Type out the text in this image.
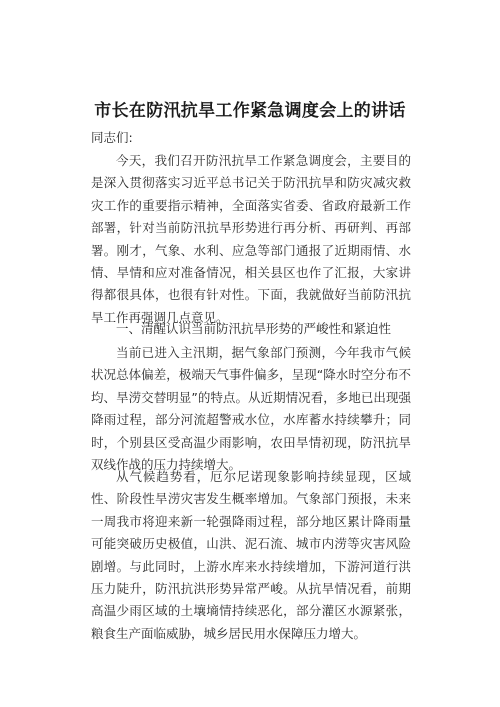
市长在防汛抗旱工作紧急调度会上的讲话
同志们:
今天，我们召开防汛抗旱工作紧急调度会，主要目的是深入贯彻落实习近平总书记关于防汛抗旱和防灾减灾救灾工作的重要指示精神，全面落实省委、省政府最新工作部署，针对当前防汛抗旱形势进行再分析、再研判、再部署。刚才，气象、水利、应急等部门通报了近期雨情、水情、旱情和应对准备情况，相关县区也作了汇报，大家讲得都很具体，也很有针对性。下面，我就做好当前防汛抗旱工作再强调几点意见。
一、清醒认识当前防汛抗旱形势的严峻性和紧迫性
当前已进入主汛期，据气象部门预测，今年我市气候状况总体偏差，极端天气事件偏多，呈现“降水时空分布不均、旱涝交替明显”的特点。从近期情况看，多地已出现强降雨过程，部分河流超警戒水位，水库蓄水持续攀升；同时，个别县区受高温少雨影响，农田旱情初现，防汛抗旱双线作战的压力持续增大。
从气候趋势看，厄尔尼诺现象影响持续显现，区域性、阶段性旱涝灾害发生概率增加。气象部门预报，未来一周我市将迎来新一轮强降雨过程，部分地区累计降雨量可能突破历史极值，山洪、泥石流、城市内涝等灾害风险剧增。与此同时，上游水库来水持续增加，下游河道行洪压力陡升，防汛抗洪形势异常严峻。从抗旱情况看，前期高温少雨区域的土壤墒情持续恶化，部分灌区水源紧张，粮食生产面临威胁，城乡居民用水保障压力增大。
